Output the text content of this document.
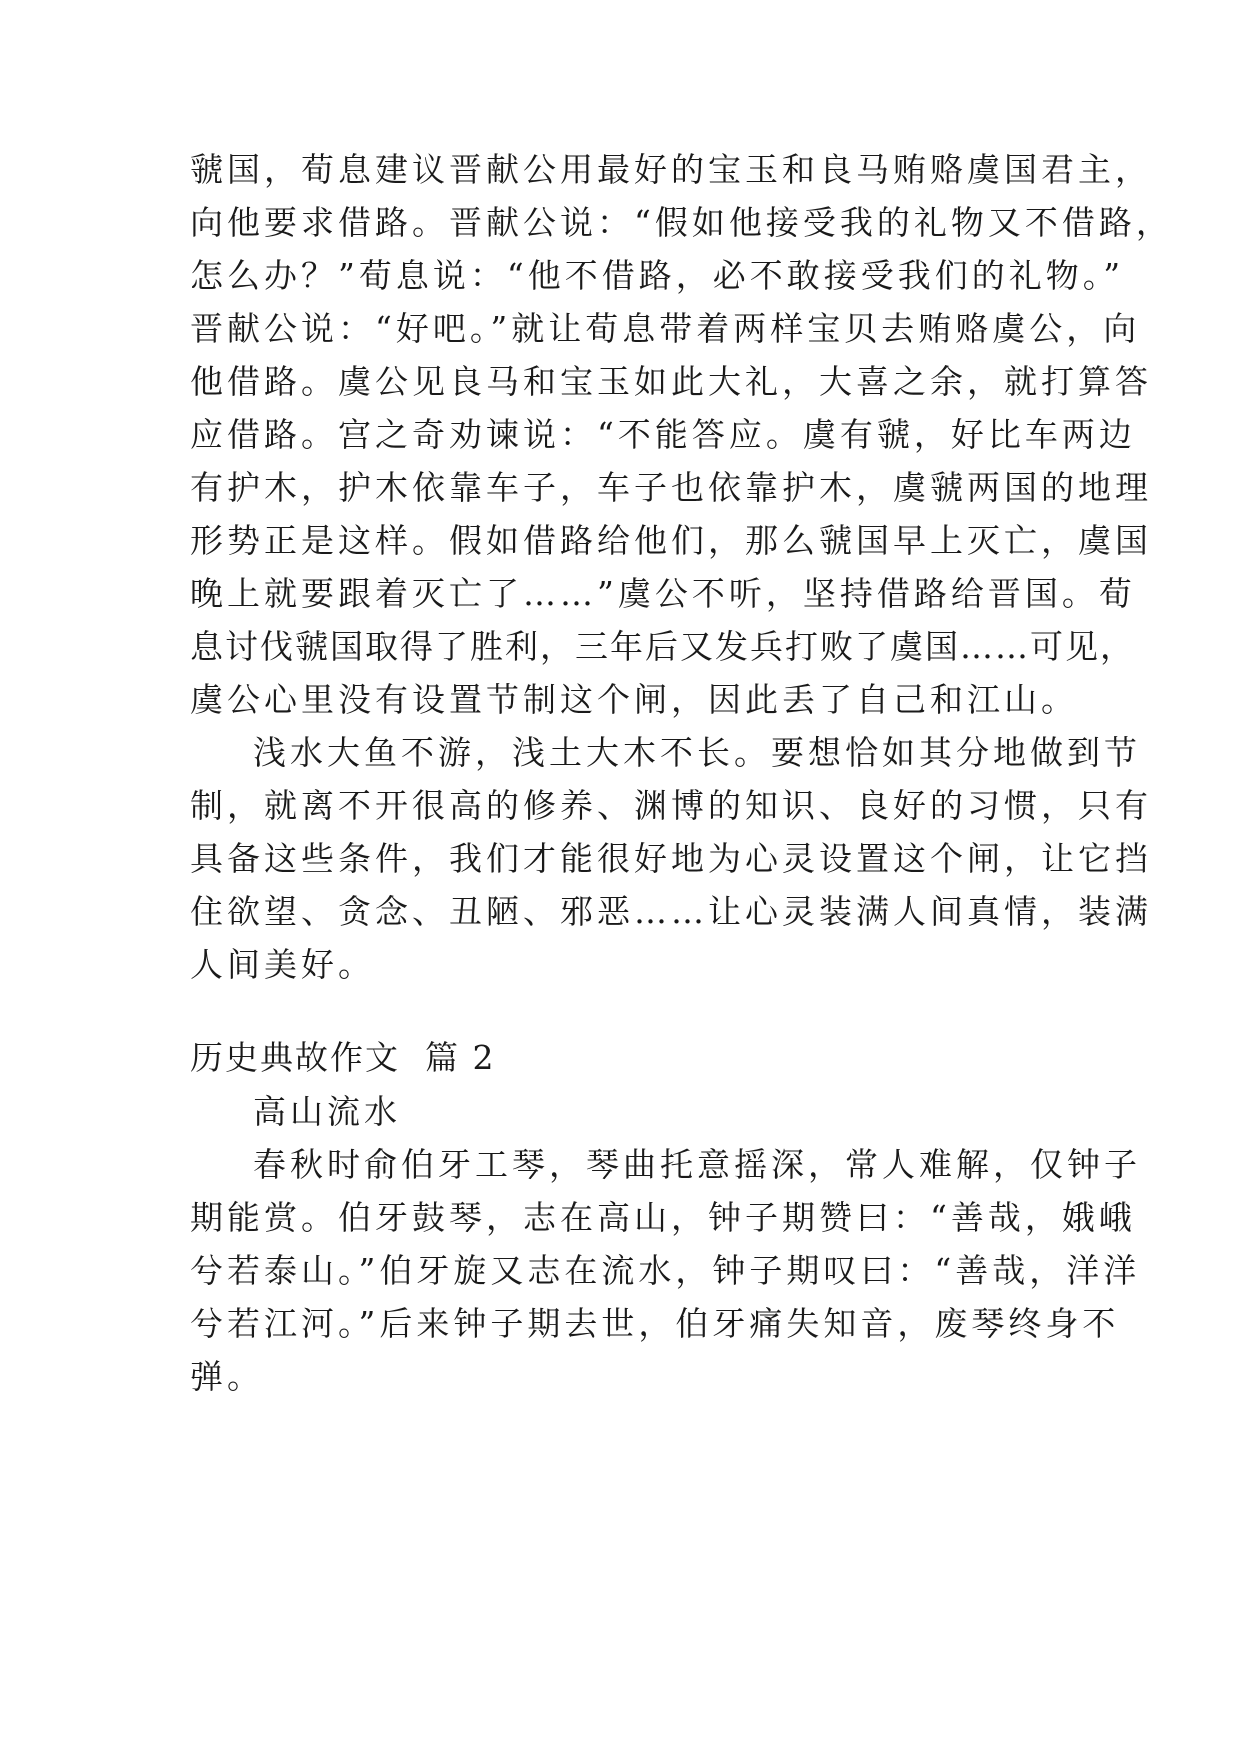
虢国，荀息建议晋献公用最好的宝玉和良马贿赂虞国君主，
向他要求借路。晋献公说：“假如他接受我的礼物又不借路，
怎么办？”荀息说：“他不借路，必不敢接受我们的礼物。”
晋献公说：“好吧。”就让荀息带着两样宝贝去贿赂虞公，向
他借路。虞公见良马和宝玉如此大礼，大喜之余，就打算答
应借路。宫之奇劝谏说：“不能答应。虞有虢，好比车两边
有护木，护木依靠车子，车子也依靠护木，虞虢两国的地理
形势正是这样。假如借路给他们，那么虢国早上灭亡，虞国
晚上就要跟着灭亡了……”虞公不听，坚持借路给晋国。荀
息讨伐虢国取得了胜利，三年后又发兵打败了虞国……可见，
虞公心里没有设置节制这个闸，因此丢了自己和江山。
浅水大鱼不游，浅土大木不长。要想恰如其分地做到节
制，就离不开很高的修养、渊博的知识、良好的习惯，只有
具备这些条件，我们才能很好地为心灵设置这个闸，让它挡
住欲望、贪念、丑陋、邪恶……让心灵装满人间真情，装满
人间美好。
历史典故作文  篇 2
高山流水
春秋时俞伯牙工琴，琴曲托意摇深，常人难解，仅钟子
期能赏。伯牙鼓琴，志在高山，钟子期赞曰：“善哉，娥峨
兮若泰山。”伯牙旋又志在流水，钟子期叹曰：“善哉，洋洋
兮若江河。”后来钟子期去世，伯牙痛失知音，废琴终身不
弹。
